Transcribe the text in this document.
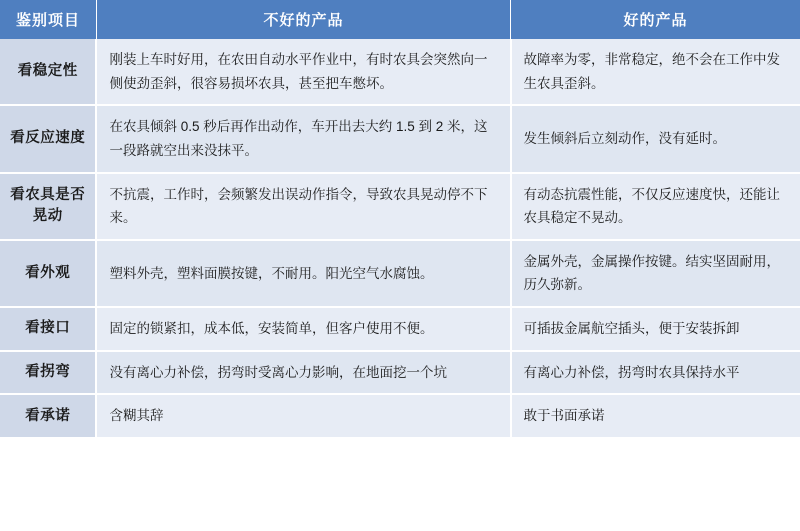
鉴别项目	不好的产品	好的产品
看稳定性	刚装上车时好用，在农田自动水平作业中，有时农具会突然向一侧使劲歪斜，很容易损坏农具，甚至把车憋坏。	故障率为零，非常稳定，绝不会在工作中发生农具歪斜。
看反应速度	在农具倾斜 0.5 秒后再作出动作，车开出去大约 1.5 到 2 米，这一段路就空出来没抹平。	发生倾斜后立刻动作，没有延时。
看农具是否晃动	不抗震，工作时，会频繁发出误动作指令，导致农具晃动停不下来。	有动态抗震性能，不仅反应速度快，还能让农具稳定不晃动。
看外观	塑料外壳，塑料面膜按键，不耐用。阳光空气水腐蚀。	金属外壳，金属操作按键。结实坚固耐用，历久弥新。
看接口	固定的锁紧扣，成本低，安装简单，但客户使用不便。	可插拔金属航空插头，便于安装拆卸
看拐弯	没有离心力补偿，拐弯时受离心力影响，在地面挖一个坑	有离心力补偿，拐弯时农具保持水平
看承诺	含糊其辞	敢于书面承诺
